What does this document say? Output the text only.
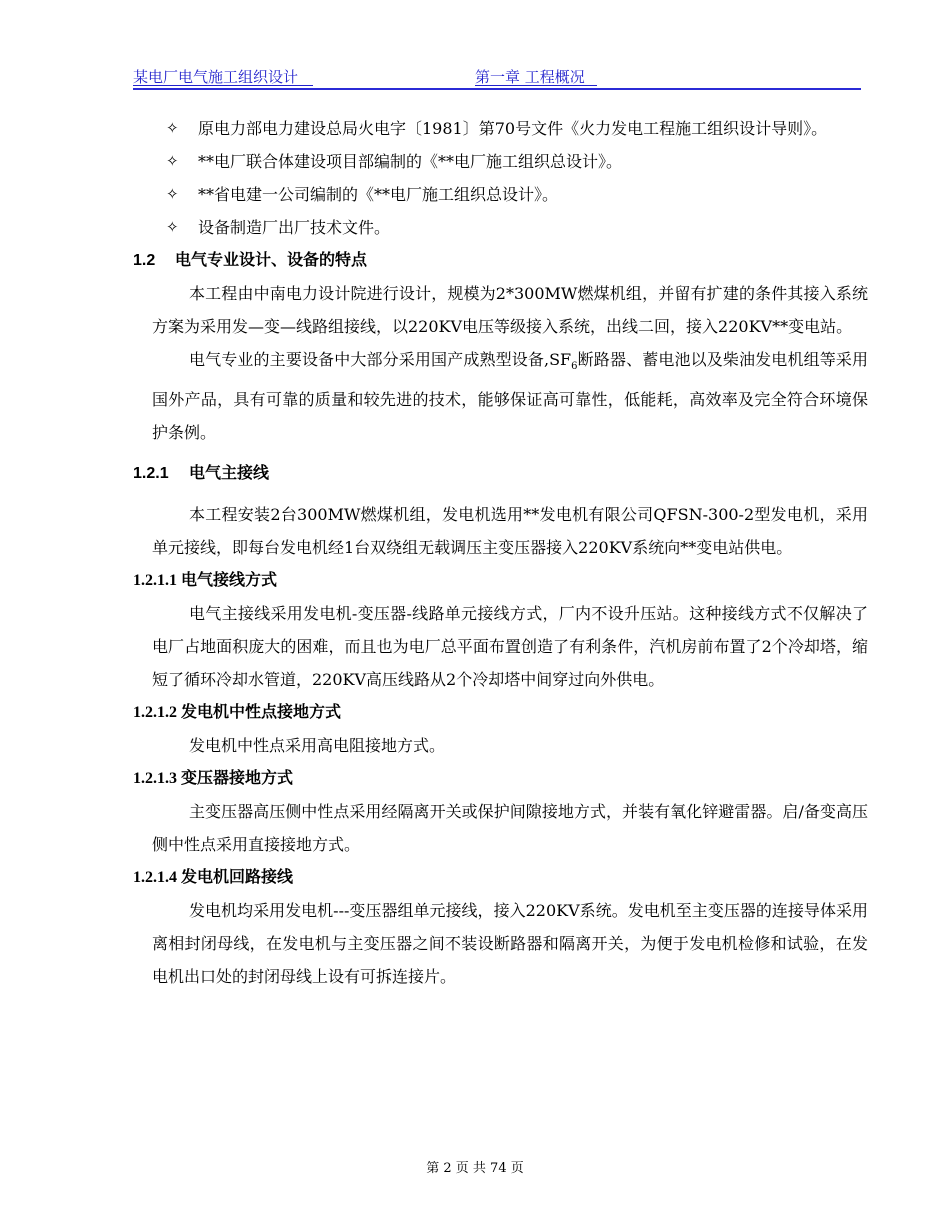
某电厂电气施工组织设计	第一章 工程概况
✧ 原电力部电力建设总局火电字〔1981〕第70号文件《火力发电工程施工组织设计导则》。
✧ **电厂联合体建设项目部编制的《**电厂施工组织总设计》。
✧ **省电建一公司编制的《**电厂施工组织总设计》。
✧ 设备制造厂出厂技术文件。
1.2 电气专业设计、设备的特点
本工程由中南电力设计院进行设计，规模为2*300MW燃煤机组，并留有扩建的条件其接入系统方案为采用发—变—线路组接线，以220KV电压等级接入系统，出线二回，接入220KV**变电站。
电气专业的主要设备中大部分采用国产成熟型设备$,SF_6$断路器、蓄电池以及柴油发电机组等采用国外产品，具有可靠的质量和较先进的技术，能够保证高可靠性，低能耗，高效率及完全符合环境保护条例。
1.2.1 电气主接线
本工程安装2台300MW燃煤机组，发电机选用**发电机有限公司QFSN-300-2型发电机，采用单元接线，即每台发电机经1台双绕组无载调压主变压器接入220KV系统向**变电站供电。
1.2.1.1 电气接线方式
电气主接线采用发电机-变压器-线路单元接线方式，厂内不设升压站。这种接线方式不仅解决了电厂占地面积庞大的困难，而且也为电厂总平面布置创造了有利条件，汽机房前布置了2个冷却塔，缩短了循环冷却水管道，220KV高压线路从2个冷却塔中间穿过向外供电。
1.2.1.2 发电机中性点接地方式
发电机中性点采用高电阻接地方式。
1.2.1.3 变压器接地方式
主变压器高压侧中性点采用经隔离开关或保护间隙接地方式，并装有氧化锌避雷器。启/备变高压侧中性点采用直接接地方式。
1.2.1.4 发电机回路接线
发电机均采用发电机---变压器组单元接线，接入220KV系统。发电机至主变压器的连接导体采用离相封闭母线，在发电机与主变压器之间不装设断路器和隔离开关，为便于发电机检修和试验，在发电机出口处的封闭母线上设有可拆连接片。
第 2 页 共 74 页
